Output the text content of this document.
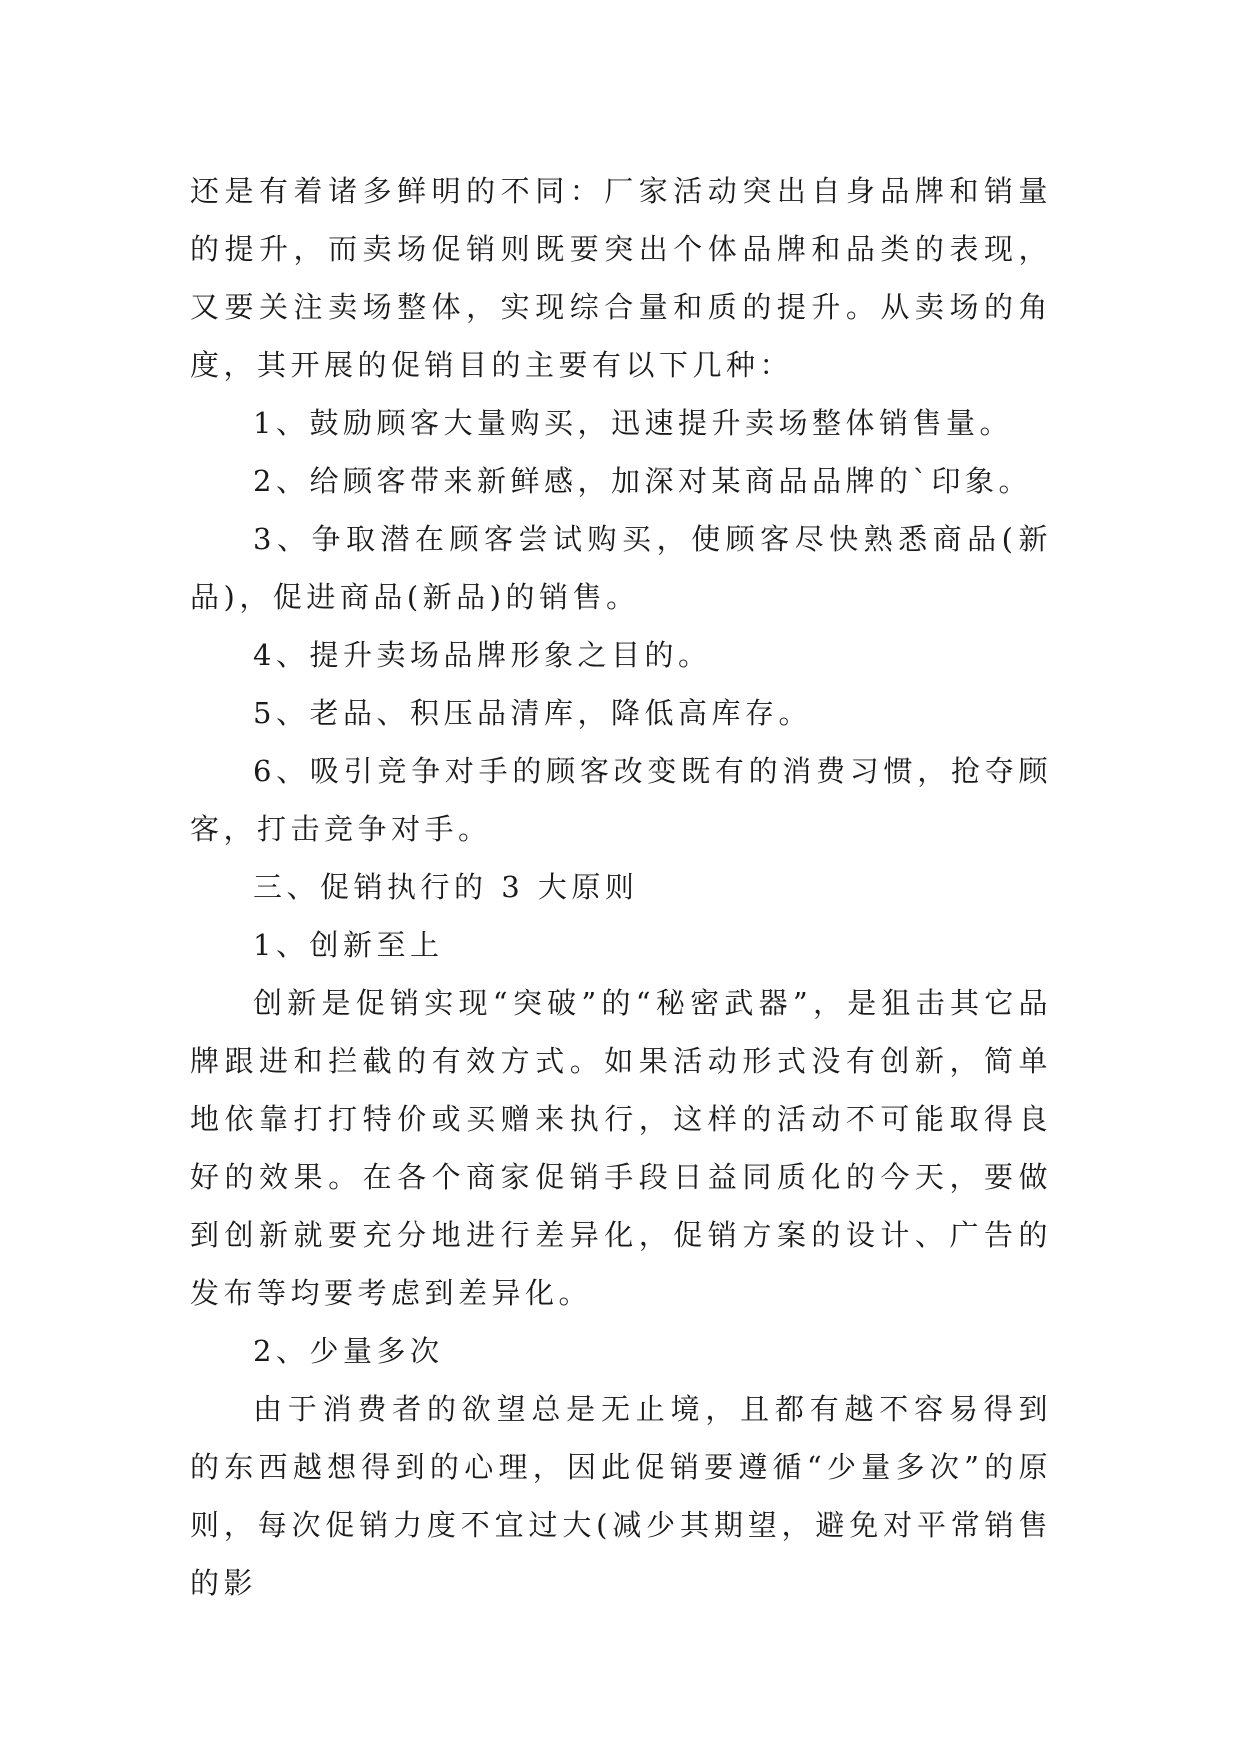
还是有着诸多鲜明的不同：厂家活动突出自身品牌和销量的提升，而卖场促销则既要突出个体品牌和品类的表现，又要关注卖场整体，实现综合量和质的提升。从卖场的角度，其开展的促销目的主要有以下几种：

1、鼓励顾客大量购买，迅速提升卖场整体销售量。

2、给顾客带来新鲜感，加深对某商品品牌的`印象。

3、争取潜在顾客尝试购买，使顾客尽快熟悉商品(新品)，促进商品(新品)的销售。

4、提升卖场品牌形象之目的。

5、老品、积压品清库，降低高库存。

6、吸引竞争对手的顾客改变既有的消费习惯，抢夺顾客，打击竞争对手。

三、促销执行的 3 大原则

1、创新至上

创新是促销实现“突破”的“秘密武器”，是狙击其它品牌跟进和拦截的有效方式。如果活动形式没有创新，简单地依靠打打特价或买赠来执行，这样的活动不可能取得良好的效果。在各个商家促销手段日益同质化的今天，要做到创新就要充分地进行差异化，促销方案的设计、广告的发布等均要考虑到差异化。

2、少量多次

由于消费者的欲望总是无止境，且都有越不容易得到的东西越想得到的心理，因此促销要遵循“少量多次”的原则，每次促销力度不宜过大(减少其期望，避免对平常销售的影
